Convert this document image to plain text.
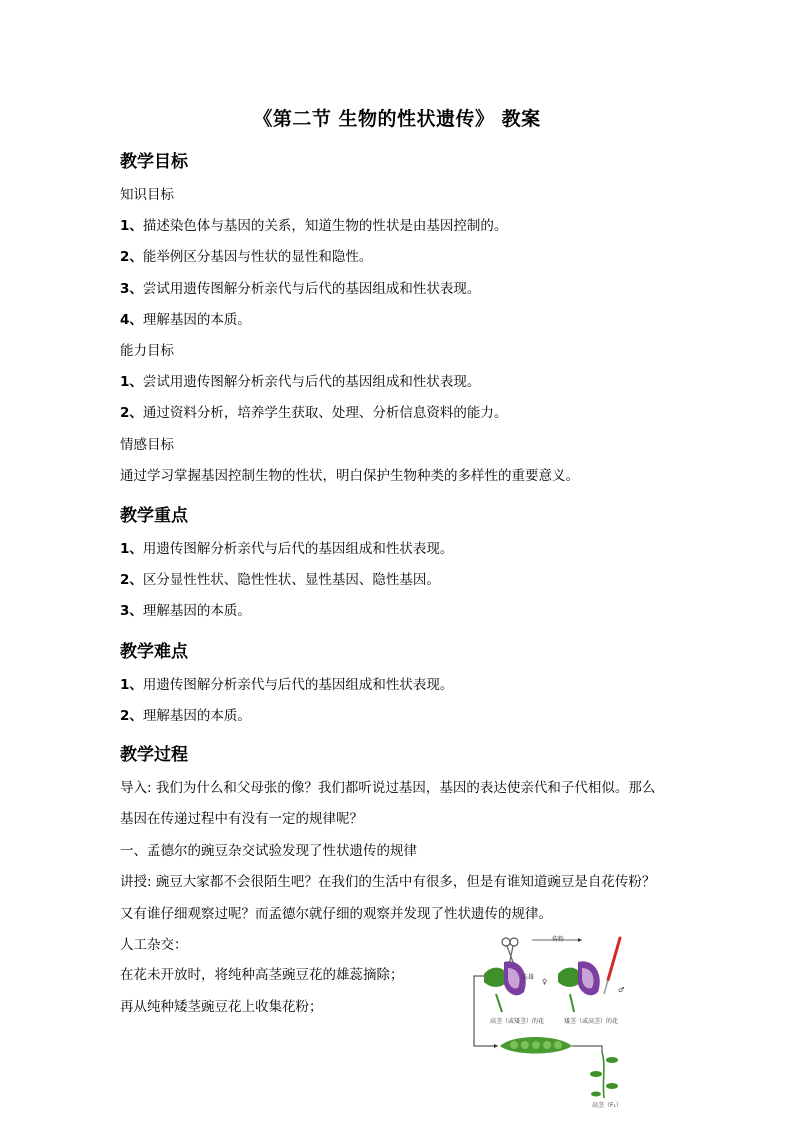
《第二节 生物的性状遗传》 教案
教学目标
知识目标
1、描述染色体与基因的关系，知道生物的性状是由基因控制的。
2、能举例区分基因与性状的显性和隐性。
3、尝试用遗传图解分析亲代与后代的基因组成和性状表现。
4、理解基因的本质。
能力目标
1、尝试用遗传图解分析亲代与后代的基因组成和性状表现。
2、通过资料分析，培养学生获取、处理、分析信息资料的能力。
情感目标
通过学习掌握基因控制生物的性状，明白保护生物种类的多样性的重要意义。
教学重点
1、用遗传图解分析亲代与后代的基因组成和性状表现。
2、区分显性性状、隐性性状、显性基因、隐性基因。
3、理解基因的本质。
教学难点
1、用遗传图解分析亲代与后代的基因组成和性状表现。
2、理解基因的本质。
教学过程
导入: 我们为什么和父母张的像？我们都听说过基因，基因的表达使亲代和子代相似。那么
基因在传递过程中有没有一定的规律呢？
一、孟德尔的豌豆杂交试验发现了性状遗传的规律
讲授: 豌豆大家都不会很陌生吧？在我们的生活中有很多，但是有谁知道豌豆是自花传粉？
又有谁仔细观察过呢？而孟德尔就仔细的观察并发现了性状遗传的规律。
人工杂交：
在花未开放时，将纯种高茎豌豆花的雄蕊摘除；
再从纯种矮茎豌豆花上收集花粉；
传粉
去雄
♀
♂
高茎（或矮茎）的花	矮茎（或高茎）的花
高茎（F₁）
